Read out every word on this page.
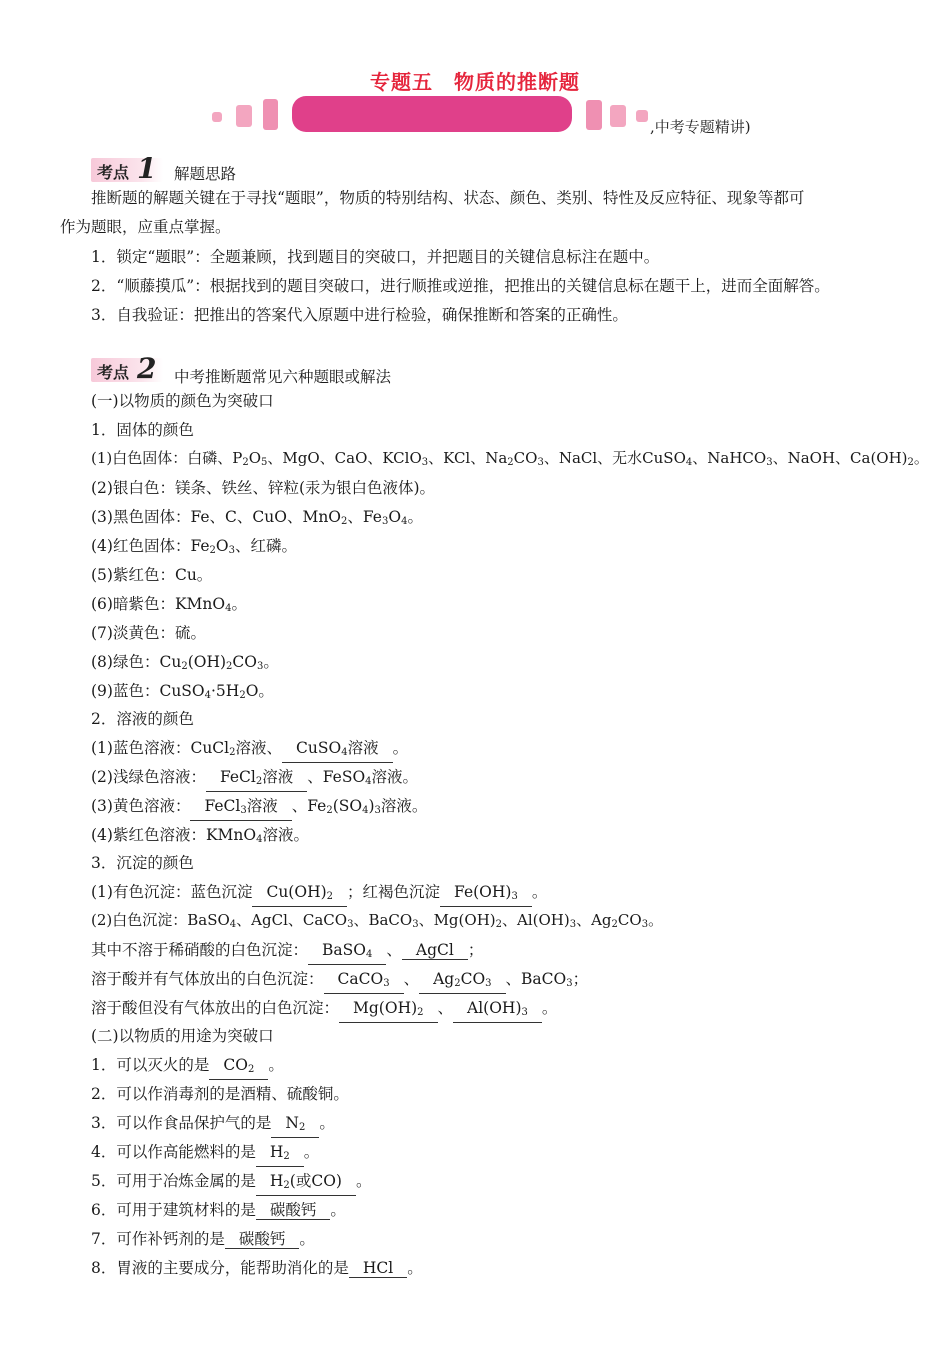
专题五　物质的推断题
,中考专题精讲)
考点 1 解题思路
推断题的解题关键在于寻找“题眼”，物质的特别结构、状态、颜色、类别、特性及反应特征、现象等都可
作为题眼，应重点掌握。
1．锁定“题眼”：全题兼顾，找到题目的突破口，并把题目的关键信息标注在题中。
2．“顺藤摸瓜”：根据找到的题目突破口，进行顺推或逆推，把推出的关键信息标在题干上，进而全面解答。
3．自我验证：把推出的答案代入原题中进行检验，确保推断和答案的正确性。
考点 2 中考推断题常见六种题眼或解法
(一)以物质的颜色为突破口
1．固体的颜色
(1)白色固体：白磷、$P_2O_5$、MgO、CaO、KClO$_3$、KCl、$Na_2CO_3$、NaCl、无水CuSO$_4$、NaHCO$_3$、NaOH、$Ca(OH)_2$。
(2)银白色：镁条、铁丝、锌粒(汞为银白色液体)。
(3)黑色固体：Fe、C、CuO、MnO$_2$、$Fe_3O_4$。
(4)红色固体：$Fe_2O_3$、红磷。
(5)紫红色：Cu。
(6)暗紫色：KMnO$_4$。
(7)淡黄色：硫。
(8)绿色：$Cu_2(OH)_2CO_3$。
(9)蓝色：$CuSO_4\cdot 5H_2O$。
2．溶液的颜色
(1)蓝色溶液：CuCl$_2$溶液、 CuSO$_4$溶液 。
(2)浅绿色溶液： FeCl$_2$溶液 、FeSO$_4$溶液。
(3)黄色溶液： FeCl$_3$溶液 、$Fe_2(SO_4)_3$溶液。
(4)紫红色溶液：KMnO$_4$溶液。
3．沉淀的颜色
(1)有色沉淀：蓝色沉淀 $Cu(OH)_2$ ；红褐色沉淀 $Fe(OH)_3$ 。
(2)白色沉淀：BaSO$_4$、AgCl、CaCO$_3$、BaCO$_3$、$Mg(OH)_2$、$Al(OH)_3$、$Ag_2CO_3$。
其中不溶于稀硝酸的白色沉淀： BaSO$_4$ 、 AgCl ；
溶于酸并有气体放出的白色沉淀： CaCO$_3$ 、 $Ag_2CO_3$ 、BaCO$_3$；
溶于酸但没有气体放出的白色沉淀： $Mg(OH)_2$ 、 $Al(OH)_3$ 。
(二)以物质的用途为突破口
1．可以灭火的是 $CO_2$ 。
2．可以作消毒剂的是酒精、硫酸铜。
3．可以作食品保护气的是 $N_2$ 。
4．可以作高能燃料的是 $H_2$ 。
5．可用于冶炼金属的是 $H_2$(或CO) 。
6．可用于建筑材料的是 碳酸钙 。
7．可作补钙剂的是 碳酸钙 。
8．胃液的主要成分，能帮助消化的是 HCl 。
